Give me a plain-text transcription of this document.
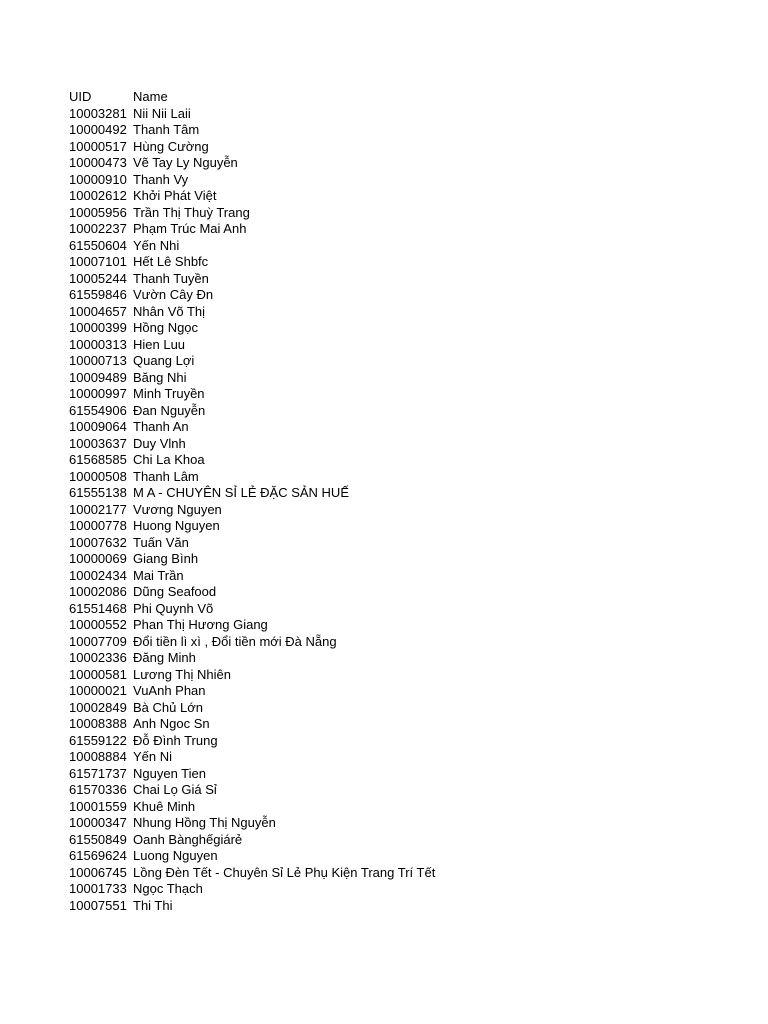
UID	Name
10003281 Nii Nii Laii
10000492 Thanh Tâm
10000517 Hùng Cường
10000473 Vẽ Tay Ly Nguyễn
10000910 Thanh Vy
10002612 Khởi Phát Việt
10005956 Trần Thị Thuỳ Trang
10002237 Phạm Trúc Mai Anh
61550604 Yến Nhi
10007101 Hết Lê Shbfc
10005244 Thanh Tuyền
61559846 Vườn Cây Đn
10004657 Nhân Võ Thị
10000399 Hồng Ngọc
10000313 Hien Luu
10000713 Quang Lợi
10009489 Băng Nhi
10000997 Minh Truyền
61554906 Đan Nguyễn
10009064 Thanh An
10003637 Duy Vlnh
61568585 Chi La Khoa
10000508 Thanh Lâm
61555138 M A - CHUYÊN SỈ LẺ ĐẶC SẢN HUẾ
10002177 Vương Nguyen
10000778 Huong Nguyen
10007632 Tuấn Văn
10000069 Giang Bình
10002434 Mai Trần
10002086 Dũng Seafood
61551468 Phi Quynh Võ
10000552 Phan Thị Hương Giang
10007709 Đổi tiền lì xì , Đổi tiền mới Đà Nẵng
10002336 Đăng Minh
10000581 Lương Thị Nhiên
10000021 VuAnh Phan
10002849 Bà Chủ Lớn
10008388 Anh Ngoc Sn
61559122 Đỗ Đình Trung
10008884 Yến Ni
61571737 Nguyen Tien
61570336 Chai Lọ Giá Sỉ
10001559 Khuê Minh
10000347 Nhung Hồng Thị Nguyễn
61550849 Oanh Bànghếgiárẻ
61569624 Luong Nguyen
10006745 Lồng Đèn Tết - Chuyên Sỉ Lẻ Phụ Kiện Trang Trí Tết
10001733 Ngọc Thạch
10007551 Thi Thi
